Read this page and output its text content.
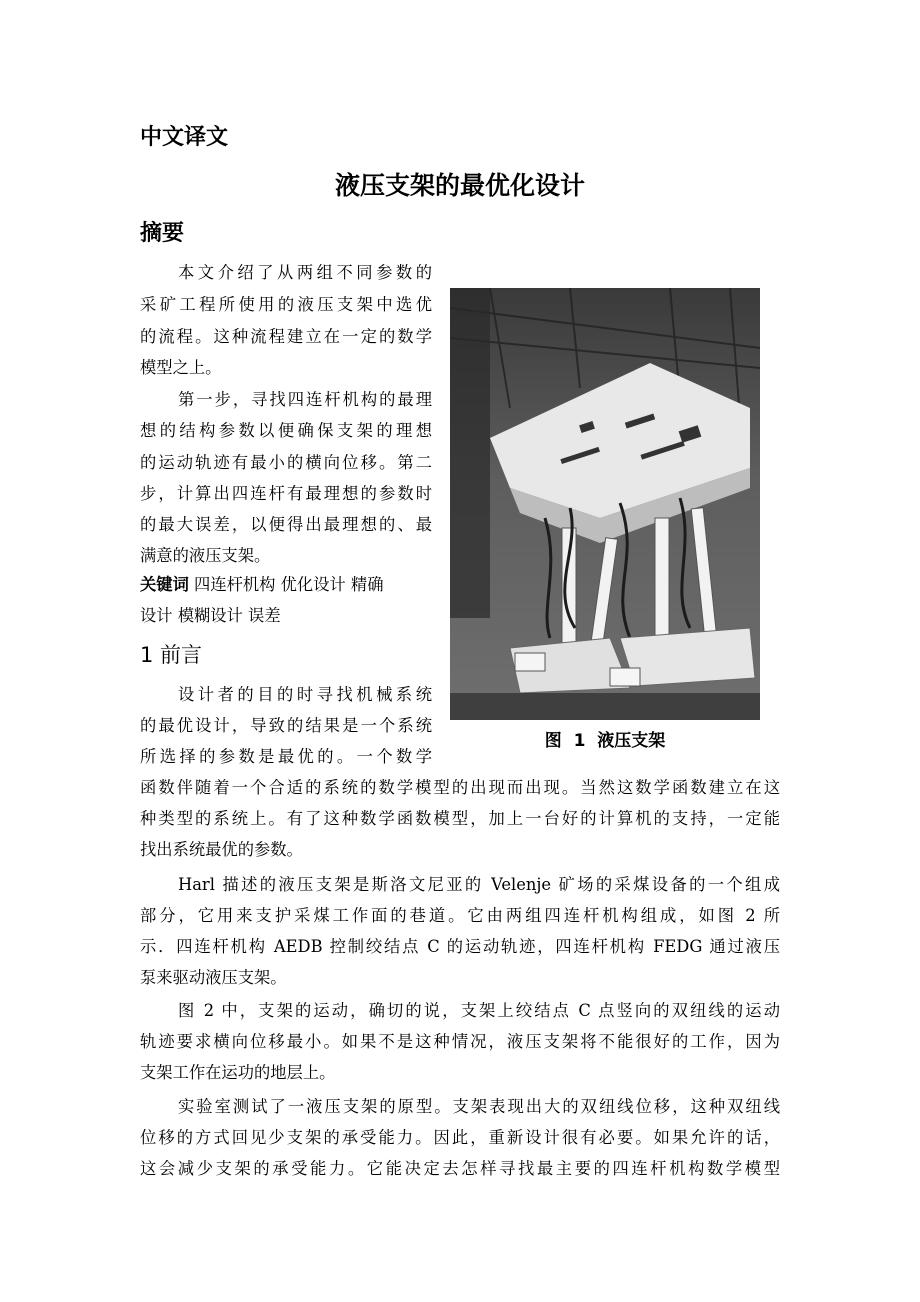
中文译文
液压支架的最优化设计
摘要
本文介绍了从两组不同参数的
采矿工程所使用的液压支架中选优
的流程。这种流程建立在一定的数学
模型之上。
第一步，寻找四连杆机构的最理
想的结构参数以便确保支架的理想
的运动轨迹有最小的横向位移。第二
步，计算出四连杆有最理想的参数时
的最大误差，以便得出最理想的、最
满意的液压支架。
关键词 四连杆机构 优化设计 精确
设计 模糊设计 误差
1 前言
设计者的目的时寻找机械系统
的最优设计，导致的结果是一个系统
所选择的参数是最优的。一个数学
函数伴随着一个合适的系统的数学模型的出现而出现。当然这数学函数建立在这
种类型的系统上。有了这种数学函数模型，加上一台好的计算机的支持，一定能
找出系统最优的参数。
Harl 描述的液压支架是斯洛文尼亚的 Velenje 矿场的采煤设备的一个组成
部分，它用来支护采煤工作面的巷道。它由两组四连杆机构组成，如图 2 所
示．四连杆机构 AEDB 控制绞结点 C 的运动轨迹，四连杆机构 FEDG 通过液压
泵来驱动液压支架。
图 2 中，支架的运动，确切的说，支架上绞结点 C 点竖向的双纽线的运动
轨迹要求横向位移最小。如果不是这种情况，液压支架将不能很好的工作，因为
支架工作在运功的地层上。
实验室测试了一液压支架的原型。支架表现出大的双纽线位移，这种双纽线
位移的方式回见少支架的承受能力。因此，重新设计很有必要。如果允许的话，
这会减少支架的承受能力。它能决定去怎样寻找最主要的四连杆机构数学模型
图  1  液压支架
